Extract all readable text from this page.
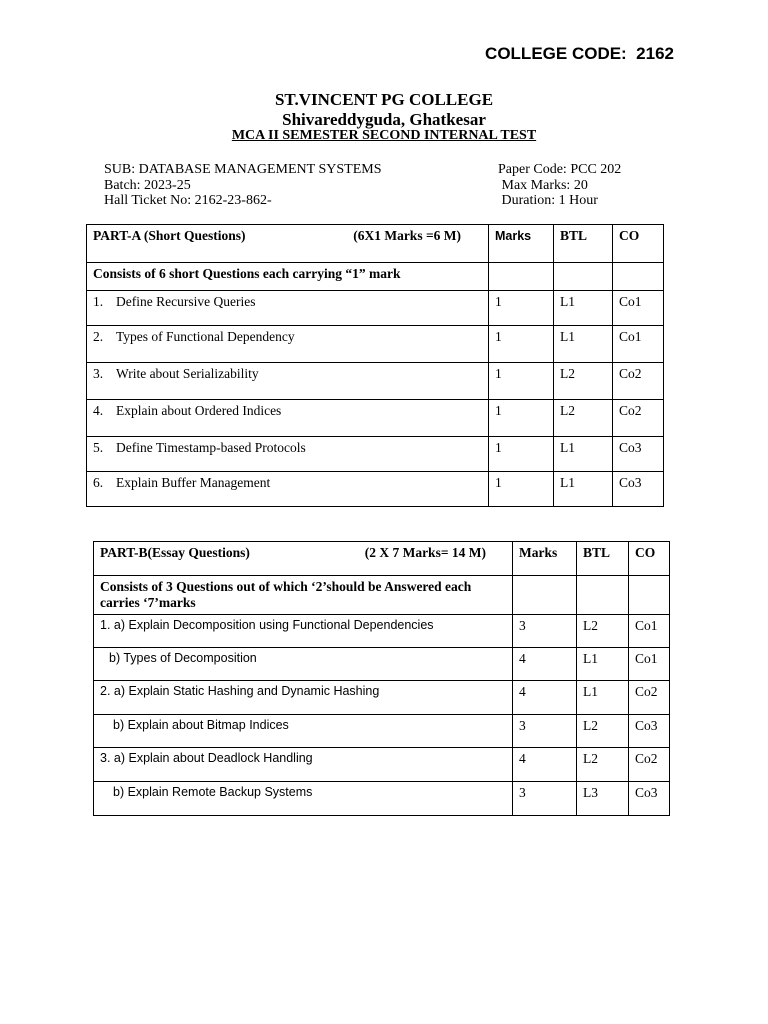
COLLEGE CODE: 2162
ST.VINCENT PG COLLEGE
Shivareddyguda, Ghatkesar
MCA II SEMESTER SECOND INTERNAL TEST
SUB: DATABASE MANAGEMENT SYSTEMS
Batch: 2023-25
Hall Ticket No: 2162-23-862-
Paper Code: PCC 202
Max Marks: 20
Duration: 1 Hour
PART-A (Short Questions) (6X1 Marks =6 M)	Marks	BTL	CO

Consists of 6 short Questions each carrying “1” mark			

1. Define Recursive Queries	1	L1	Co1

2. Types of Functional Dependency	1	L1	Co1

3. Write about Serializability	1	L2	Co2

4. Explain about Ordered Indices	1	L2	Co2

5. Define Timestamp-based Protocols	1	L1	Co3

6. Explain Buffer Management	1	L1	Co3
PART-B(Essay Questions) (2 X 7 Marks= 14 M)	Marks	BTL	CO

Consists of 3 Questions out of which ‘2’should be Answered each carries ‘7’marks			

1. a) Explain Decomposition using Functional Dependencies	3	L2	Co1

b) Types of Decomposition	4	L1	Co1

2. a) Explain Static Hashing and Dynamic Hashing	4	L1	Co2

b) Explain about Bitmap Indices	3	L2	Co3

3. a) Explain about Deadlock Handling	4	L2	Co2

b) Explain Remote Backup Systems	3	L3	Co3
